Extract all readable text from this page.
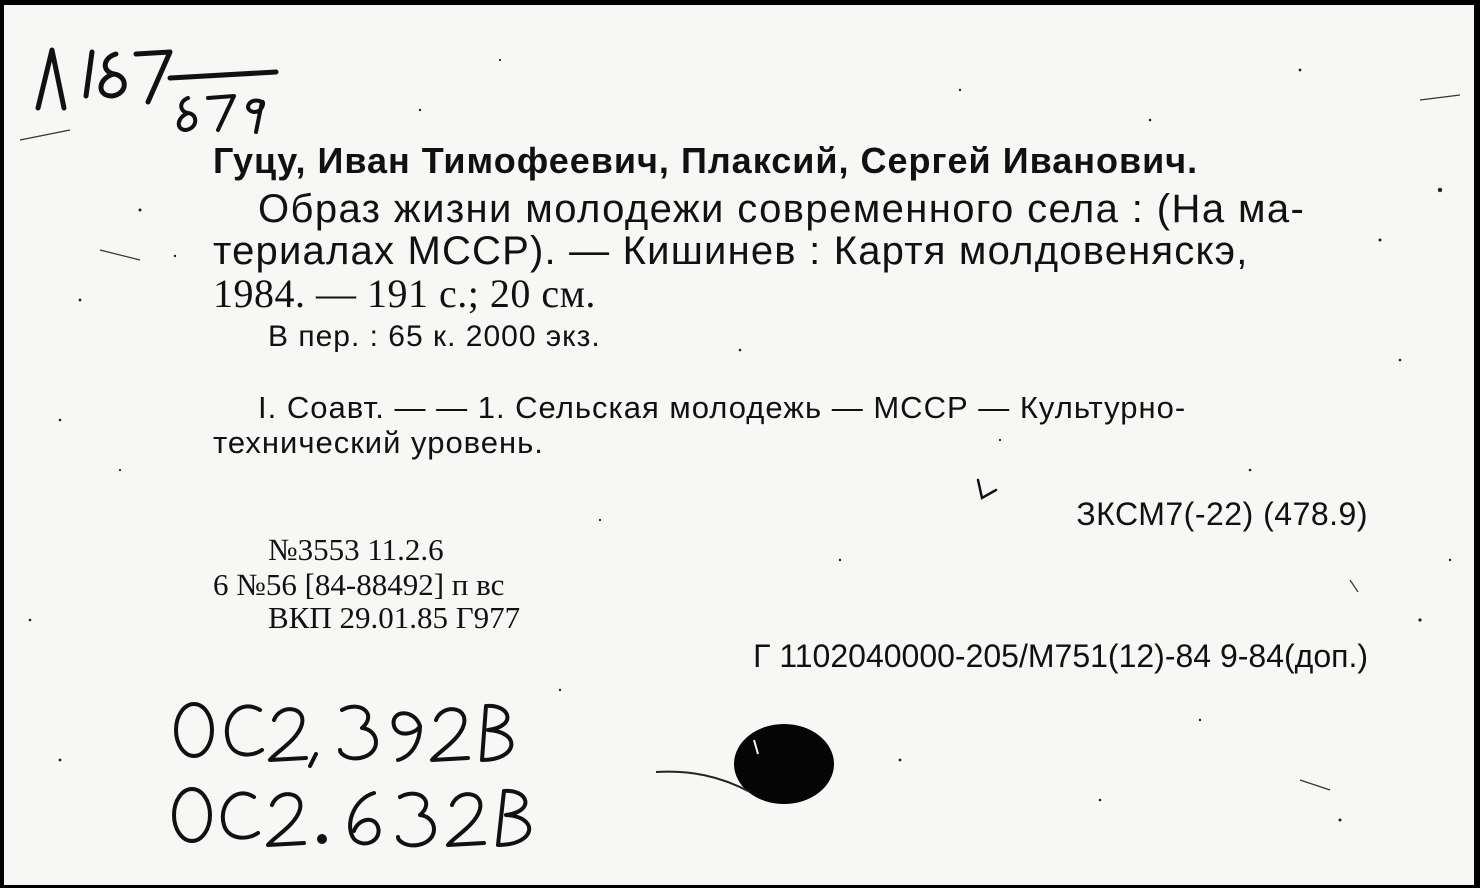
Гуцу, Иван Тимофеевич, Плаксий, Сергей Иванович.
Образ жизни молодежи современного села : (На ма-
териалах МССР). — Кишинев : Картя молдовеняскэ,
1984. — 191 с.; 20 см.
В пер. : 65 к. 2000 экз.
I. Соавт. — — 1. Сельская молодежь — МССР — Культурно-
технический уровень.
ЗКСМ7(-22) (478.9)
№3553 11.2.6
6 №56 [84-88492] п вс
ВКП 29.01.85 Г977
Г 1102040000-205/М751(12)-84 9-84(доп.)
